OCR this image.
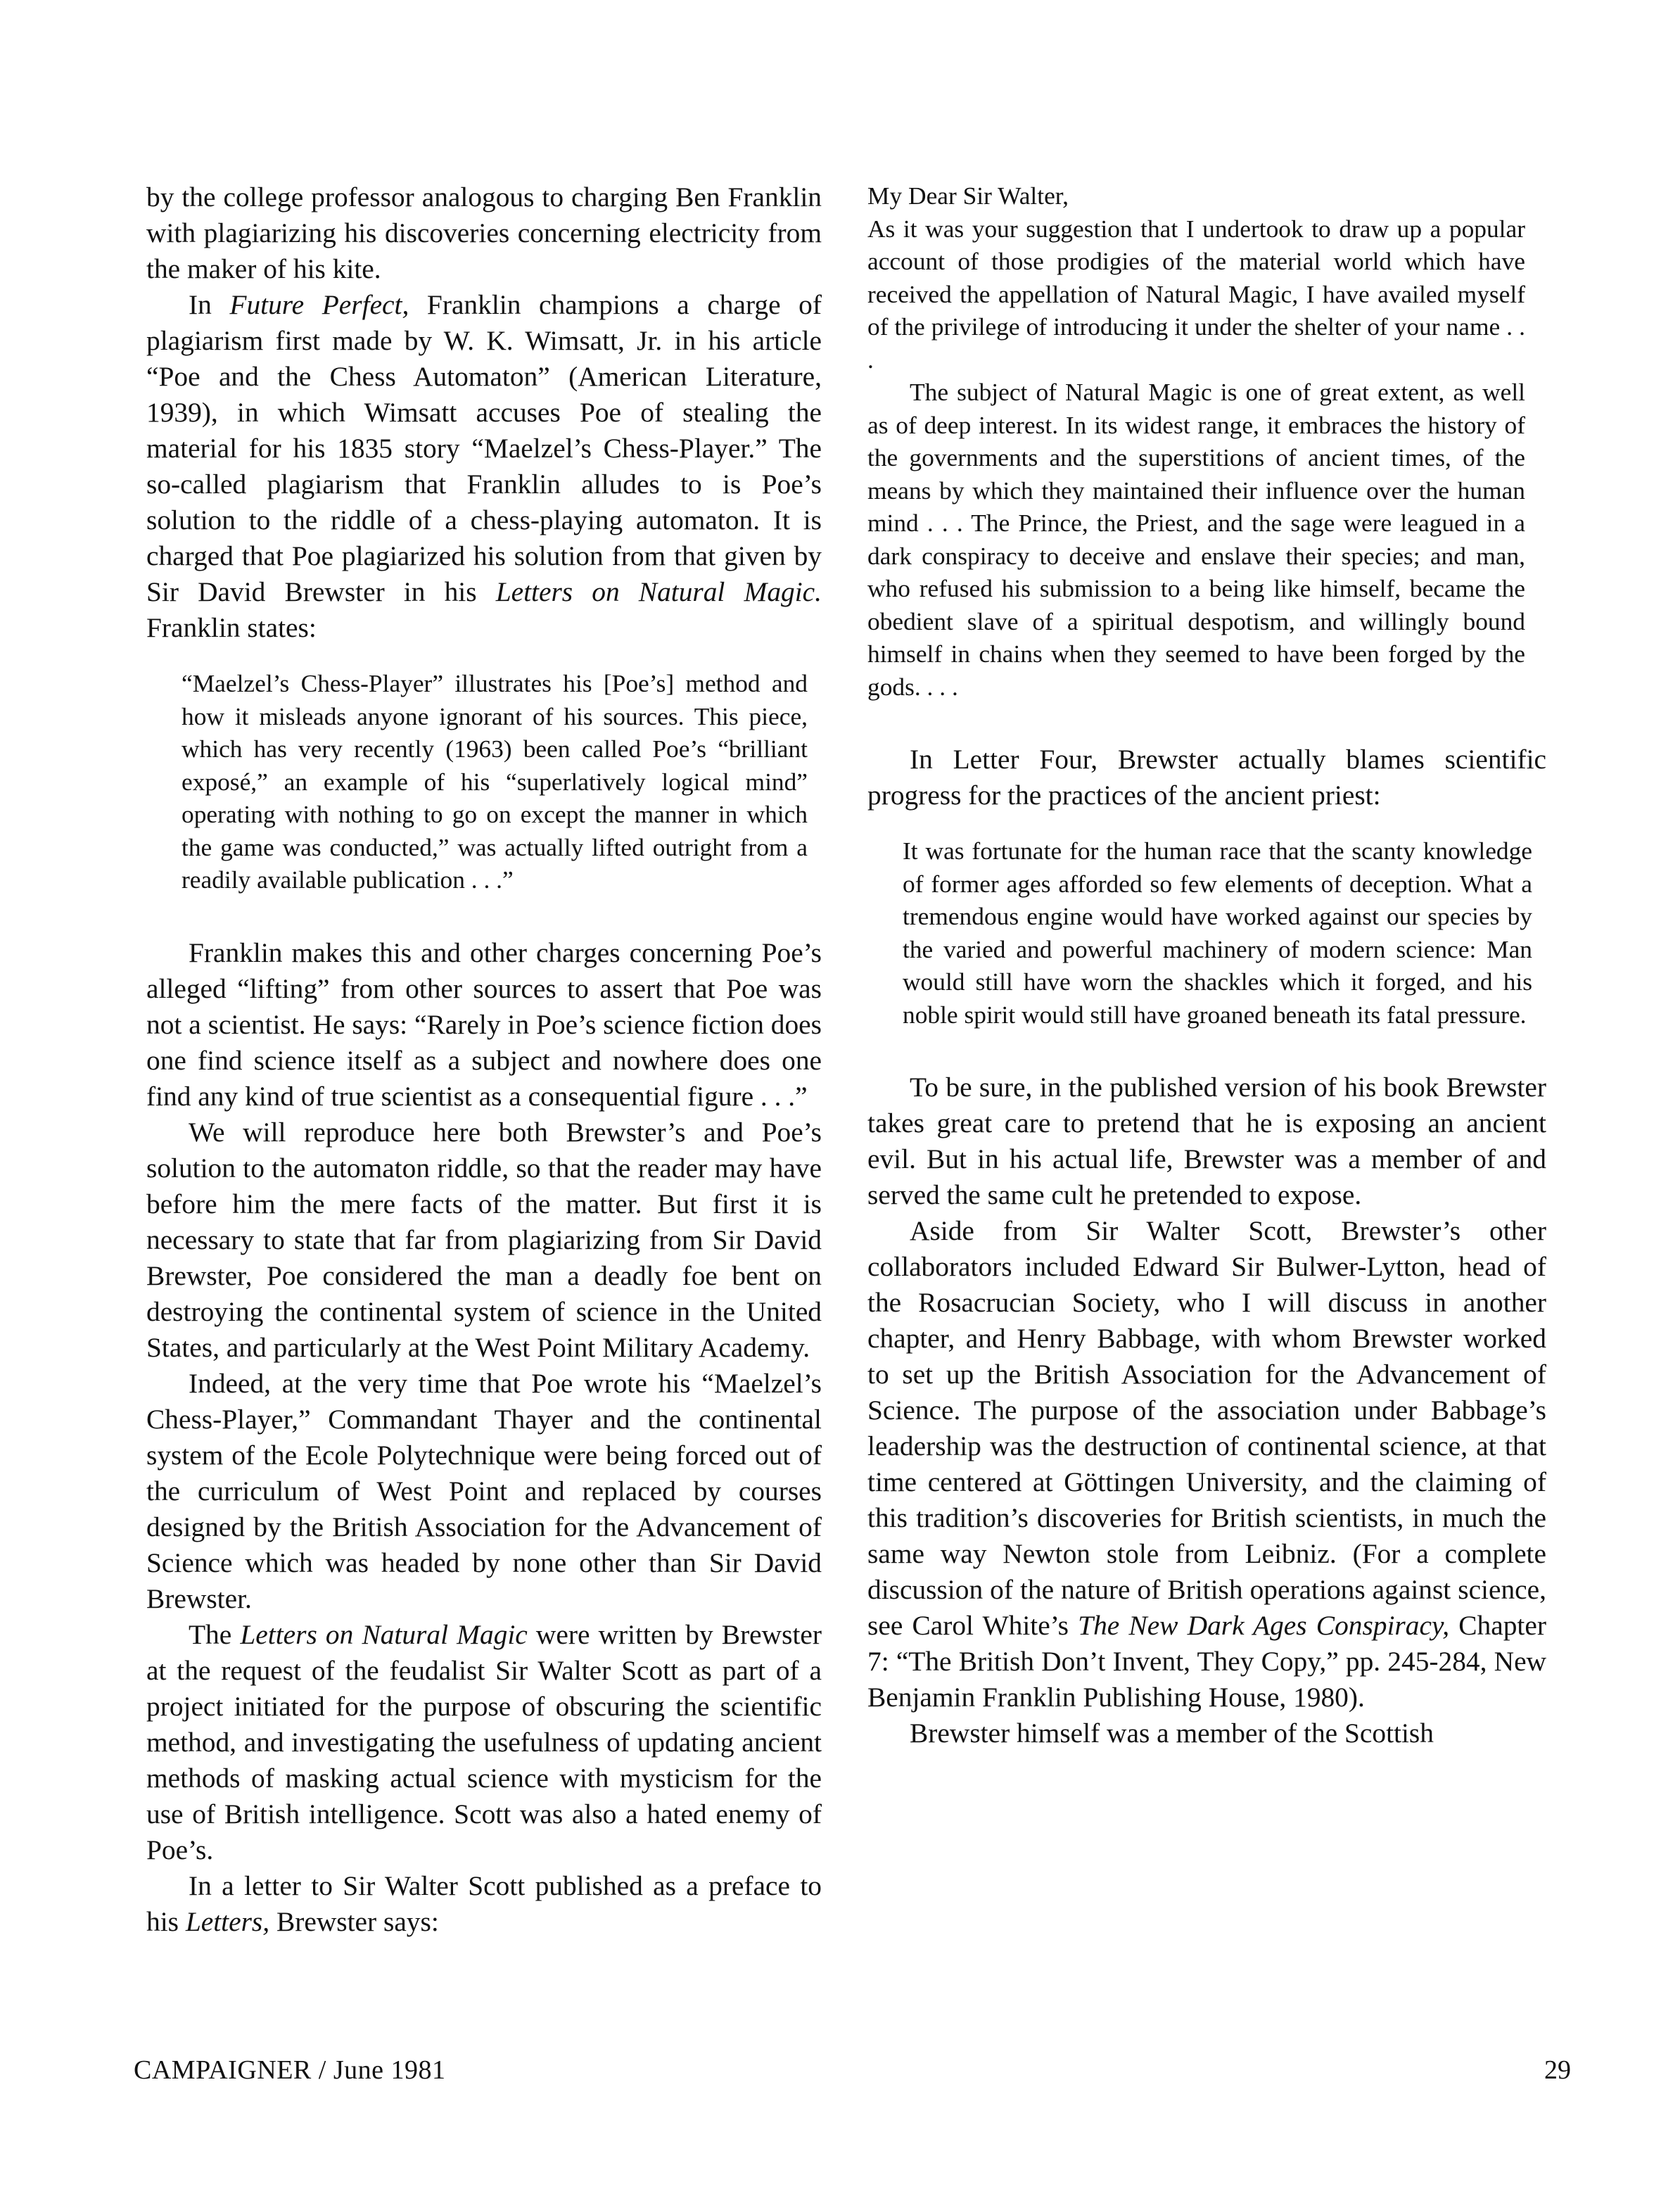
by the college professor analogous to charging Ben Franklin with plagiarizing his discoveries concerning electricity from the maker of his kite.

In Future Perfect, Franklin champions a charge of plagiarism first made by W. K. Wimsatt, Jr. in his article “Poe and the Chess Automaton” (American Literature, 1939), in which Wimsatt accuses Poe of stealing the material for his 1835 story “Maelzel’s Chess-Player.” The so-called plagiarism that Franklin alludes to is Poe’s solution to the riddle of a chess-playing automaton. It is charged that Poe plagiarized his solution from that given by Sir David Brewster in his Letters on Natural Magic. Franklin states:

“Maelzel’s Chess-Player” illustrates his [Poe’s] method and how it misleads anyone ignorant of his sources. This piece, which has very recently (1963) been called Poe’s “brilliant exposé,” an example of his “superlatively logical mind” operating with nothing to go on except the manner in which the game was conducted,” was actually lifted outright from a readily available publication . . .”

Franklin makes this and other charges concerning Poe’s alleged “lifting” from other sources to assert that Poe was not a scientist. He says: “Rarely in Poe’s science fiction does one find science itself as a subject and nowhere does one find any kind of true scientist as a consequential figure . . .”

We will reproduce here both Brewster’s and Poe’s solution to the automaton riddle, so that the reader may have before him the mere facts of the matter. But first it is necessary to state that far from plagiarizing from Sir David Brewster, Poe considered the man a deadly foe bent on destroying the continental system of science in the United States, and particularly at the West Point Military Academy.

Indeed, at the very time that Poe wrote his “Maelzel’s Chess-Player,” Commandant Thayer and the continental system of the Ecole Polytechnique were being forced out of the curriculum of West Point and replaced by courses designed by the British Association for the Advancement of Science which was headed by none other than Sir David Brewster.

The Letters on Natural Magic were written by Brewster at the request of the feudalist Sir Walter Scott as part of a project initiated for the purpose of obscuring the scientific method, and investigating the usefulness of updating ancient methods of masking actual science with mysticism for the use of British intelligence. Scott was also a hated enemy of Poe’s.

In a letter to Sir Walter Scott published as a preface to his Letters, Brewster says:

My Dear Sir Walter,

As it was your suggestion that I undertook to draw up a popular account of those prodigies of the material world which have received the appellation of Natural Magic, I have availed myself of the privilege of introducing it under the shelter of your name . . .

The subject of Natural Magic is one of great extent, as well as of deep interest. In its widest range, it embraces the history of the governments and the superstitions of ancient times, of the means by which they maintained their influence over the human mind . . . The Prince, the Priest, and the sage were leagued in a dark conspiracy to deceive and enslave their species; and man, who refused his submission to a being like himself, became the obedient slave of a spiritual despotism, and willingly bound himself in chains when they seemed to have been forged by the gods. . . .

In Letter Four, Brewster actually blames scientific progress for the practices of the ancient priest:

It was fortunate for the human race that the scanty knowledge of former ages afforded so few elements of deception. What a tremendous engine would have worked against our species by the varied and powerful machinery of modern science: Man would still have worn the shackles which it forged, and his noble spirit would still have groaned beneath its fatal pressure.

To be sure, in the published version of his book Brewster takes great care to pretend that he is exposing an ancient evil. But in his actual life, Brewster was a member of and served the same cult he pretended to expose.

Aside from Sir Walter Scott, Brewster’s other collaborators included Edward Sir Bulwer-Lytton, head of the Rosacrucian Society, who I will discuss in another chapter, and Henry Babbage, with whom Brewster worked to set up the British Association for the Advancement of Science. The purpose of the association under Babbage’s leadership was the destruction of continental science, at that time centered at Göttingen University, and the claiming of this tradition’s discoveries for British scientists, in much the same way Newton stole from Leibniz. (For a complete discussion of the nature of British operations against science, see Carol White’s The New Dark Ages Conspiracy, Chapter 7: “The British Don’t Invent, They Copy,” pp. 245-284, New Benjamin Franklin Publishing House, 1980).

Brewster himself was a member of the Scottish

CAMPAIGNER / June 1981	29
